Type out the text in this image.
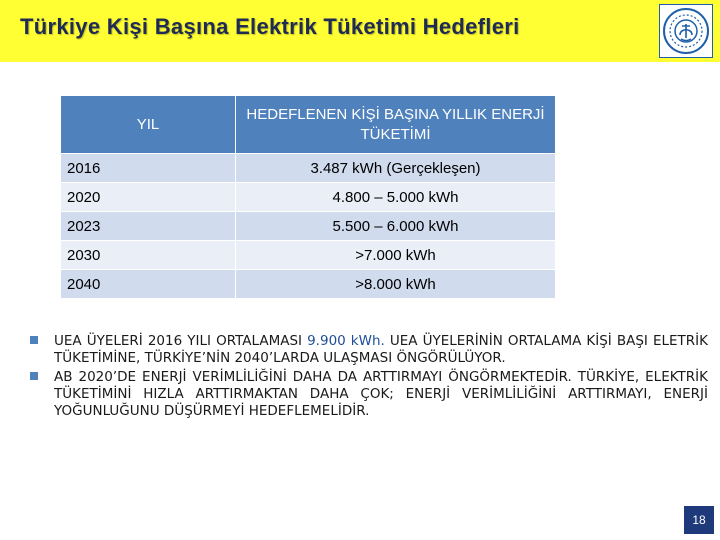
Türkiye Kişi Başına Elektrik Tüketimi Hedefleri
YIL	HEDEFLENEN KİŞİ BAŞINA YILLIK ENERJİ TÜKETİMİ
2016	3.487 kWh (Gerçekleşen)
2020	4.800 – 5.000 kWh
2023	5.500 – 6.000 kWh
2030	>7.000 kWh
2040	>8.000 kWh
UEA ÜYELERİ 2016 YILI ORTALAMASI 9.900 kWh. UEA ÜYELERİNİN ORTALAMA KİŞİ BAŞI ELETRİK TÜKETİMİNE, TÜRKİYE’NİN 2040’LARDA ULAŞMASI ÖNGÖRÜLÜYOR.
AB 2020’DE ENERJİ VERİMLİLİĞİNİ DAHA DA ARTTIRMAYI ÖNGÖRMEKTEDİR. TÜRKİYE, ELEKTRİK TÜKETİMİNİ HIZLA ARTTIRMAKTAN DAHA ÇOK; ENERJİ VERİMLİLİĞİNİ ARTTIRMAYI, ENERJİ YOĞUNLUĞUNU DÜŞÜRMEYİ HEDEFLEMELİDİR.
18
